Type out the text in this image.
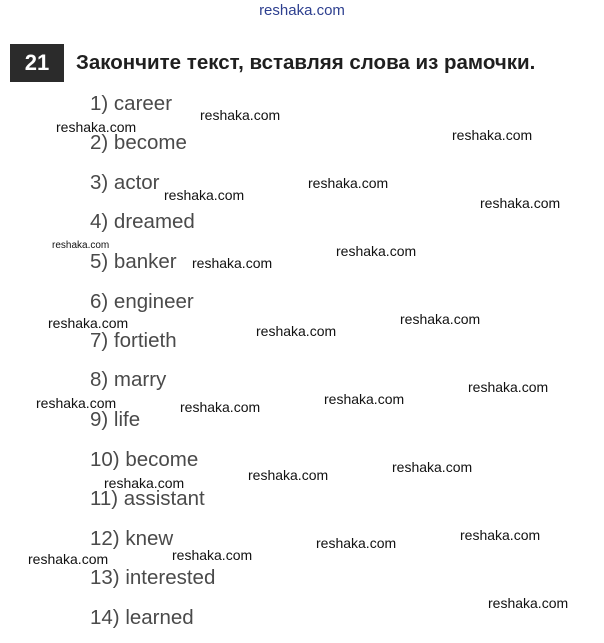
reshaka.com
21	Закончите текст, вставляя слова из рамочки.
1) career
2) become
3) actor
4) dreamed
5) banker
6) engineer
7) fortieth
8) marry
9) life
10) become
11) assistant
12) knew
13) interested
14) learned
reshaka.com
reshaka.com	reshaka.com
reshaka.com
reshaka.com	reshaka.com
reshaka.com	reshaka.com
reshaka.com
reshaka.com
reshaka.com	reshaka.com
reshaka.com
reshaka.com
reshaka.com	reshaka.com
reshaka.com
reshaka.com
reshaka.com
reshaka.com
reshaka.com
reshaka.com
reshaka.com
reshaka.com
